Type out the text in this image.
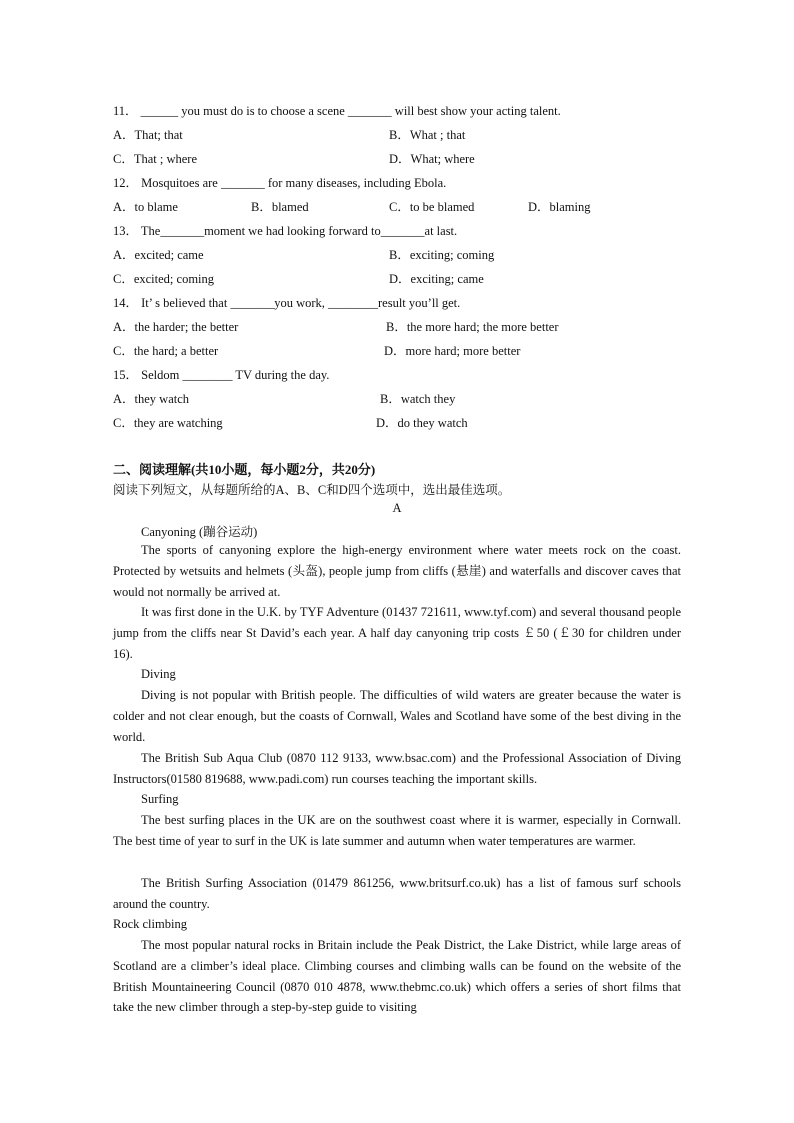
11． ______ you must do is to choose a scene _______ will best show your acting talent.
A．That; that	B．What ; that
C．That ; where	D．What; where
12． Mosquitoes are _______ for many diseases, including Ebola.
A．to blame	B．blamed	C．to be blamed	D．blaming
13． The_______moment we had looking forward to_______at last.
A．excited; came	B．exciting; coming
C．excited; coming	D．exciting; came
14． It’ s believed that _______you work, ________result you’ll get.
A．the harder; the better	B．the more hard; the more better
C．the hard; a better	D．more hard; more better
15． Seldom ________ TV during the day.
A．they watch	B．watch they
C．they are watching	D．do they watch
二、阅读理解(共10小题，每小题2分，共20分)
阅读下列短文，从每题所给的A、B、C和D四个选项中，选出最佳选项。
A
Canyoning (蹦谷运动)

The sports of canyoning explore the high-energy environment where water meets rock on the coast. Protected by wetsuits and helmets (头盔), people jump from cliffs (悬崖) and waterfalls and discover caves that would not normally be arrived at.

It was first done in the U.K. by TYF Adventure (01437 721611, www.tyf.com) and several thousand people jump from the cliffs near St David’s each year. A half day canyoning trip costs ￡50 (￡30 for children under 16).

Diving

Diving is not popular with British people. The difficulties of wild waters are greater because the water is colder and not clear enough, but the coasts of Cornwall, Wales and Scotland have some of the best diving in the world.

The British Sub Aqua Club (0870 112 9133, www.bsac.com) and the Professional Association of Diving Instructors(01580 819688, www.padi.com) run courses teaching the important skills.

Surfing

The best surfing places in the UK are on the southwest coast where it is warmer, especially in Cornwall. The best time of year to surf in the UK is late summer and autumn when water temperatures are warmer.

The British Surfing Association (01479 861256, www.britsurf.co.uk) has a list of famous surf schools around the country.

Rock climbing

The most popular natural rocks in Britain include the Peak District, the Lake District, while large areas of Scotland are a climber’s ideal place. Climbing courses and climbing walls can be found on the website of the British Mountaineering Council (0870 010 4878, www.thebmc.co.uk) which offers a series of short films that take the new climber through a step-by-step guide to visiting
